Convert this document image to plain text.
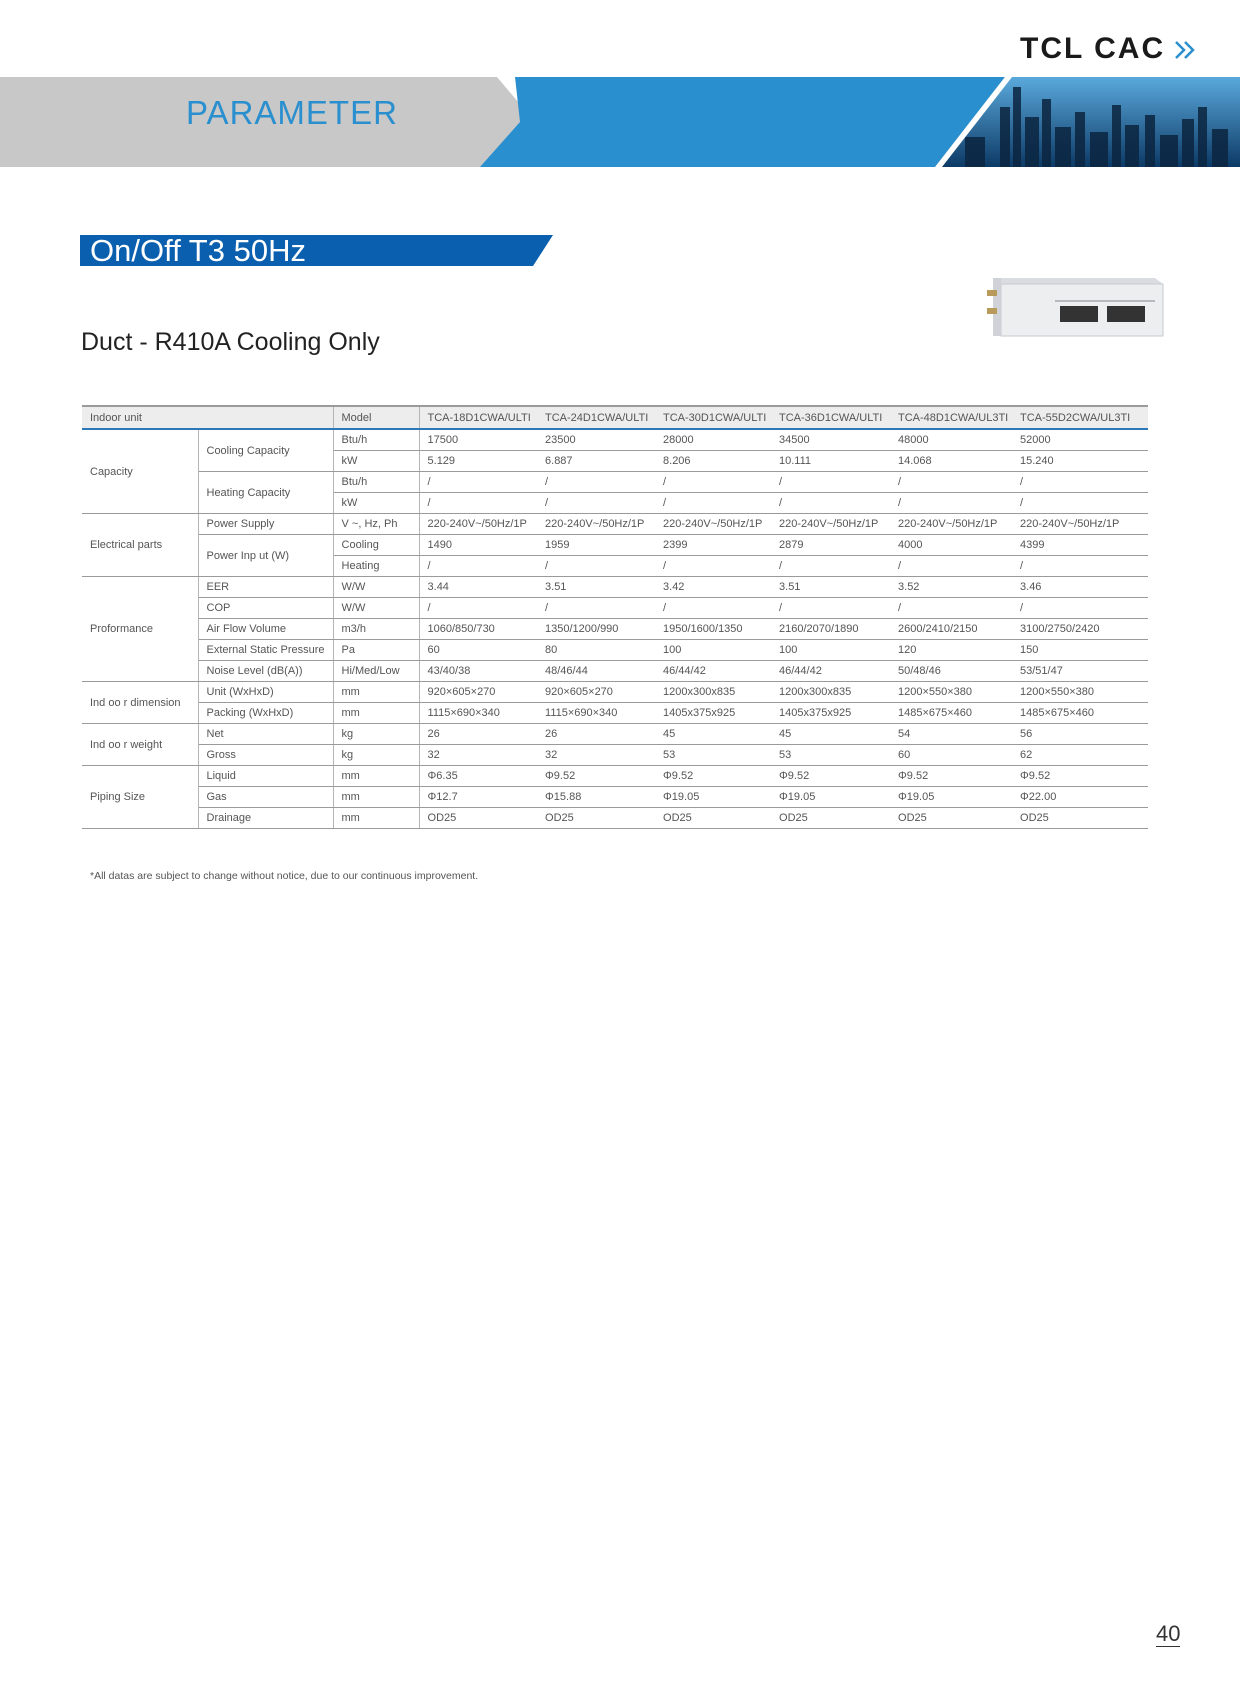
TCL CAC
PARAMETER
On/Off T3 50Hz
Duct - R410A Cooling Only
Indoor unit		Model	TCA-18D1CWA/ULTI	TCA-24D1CWA/ULTI	TCA-30D1CWA/ULTI	TCA-36D1CWA/ULTI	TCA-48D1CWA/UL3TI	TCA-55D2CWA/UL3TI
Capacity	Cooling Capacity	Btu/h	17500	23500	28000	34500	48000	52000
		kW	5.129	6.887	8.206	10.111	14.068	15.240
	Heating Capacity	Btu/h	/	/	/	/	/	/
		kW	/	/	/	/	/	/
Electrical parts	Power Supply	V ~, Hz, Ph	220-240V~/50Hz/1P	220-240V~/50Hz/1P	220-240V~/50Hz/1P	220-240V~/50Hz/1P	220-240V~/50Hz/1P	220-240V~/50Hz/1P
	Power Inp ut (W)	Cooling	1490	1959	2399	2879	4000	4399
		Heating	/	/	/	/	/	/
Proformance	EER	W/W	3.44	3.51	3.42	3.51	3.52	3.46
	COP	W/W	/	/	/	/	/	/
	Air Flow Volume	m3/h	1060/850/730	1350/1200/990	1950/1600/1350	2160/2070/1890	2600/2410/2150	3100/2750/2420
	External Static Pressure	Pa	60	80	100	100	120	150
	Noise Level (dB(A))	Hi/Med/Low	43/40/38	48/46/44	46/44/42	46/44/42	50/48/46	53/51/47
Ind oo r dimension	Unit (WxHxD)	mm	920×605×270	920×605×270	1200x300x835	1200x300x835	1200×550×380	1200×550×380
	Packing (WxHxD)	mm	1115×690×340	1115×690×340	1405x375x925	1405x375x925	1485×675×460	1485×675×460
Ind oo r weight	Net	kg	26	26	45	45	54	56
	Gross	kg	32	32	53	53	60	62
Piping Size	Liquid	mm	Φ6.35	Φ9.52	Φ9.52	Φ9.52	Φ9.52	Φ9.52
	Gas	mm	Φ12.7	Φ15.88	Φ19.05	Φ19.05	Φ19.05	Φ22.00
	Drainage	mm	OD25	OD25	OD25	OD25	OD25	OD25
*All datas are subject to change without notice, due to our continuous improvement.
40
